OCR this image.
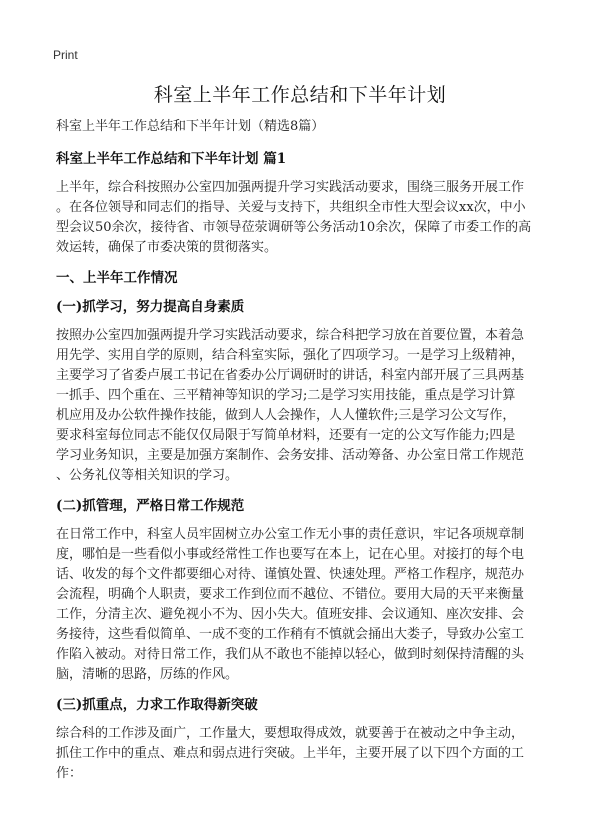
Print
科室上半年工作总结和下半年计划

科室上半年工作总结和下半年计划（精选8篇）

科室上半年工作总结和下半年计划 篇1
上半年，综合科按照办公室四加强两提升学习实践活动要求，围绕三服务开展工作
。在各位领导和同志们的指导、关爱与支持下，共组织全市性大型会议xx次，中小
型会议50余次，接待省、市领导莅荥调研等公务活动10余次，保障了市委工作的高
效运转，确保了市委决策的贯彻落实。
一、上半年工作情况
(一)抓学习，努力提高自身素质
按照办公室四加强两提升学习实践活动要求，综合科把学习放在首要位置，本着急
用先学、实用自学的原则，结合科室实际，强化了四项学习。一是学习上级精神，
主要学习了省委卢展工书记在省委办公厅调研时的讲话，科室内部开展了三具两基
一抓手、四个重在、三平精神等知识的学习;二是学习实用技能，重点是学习计算
机应用及办公软件操作技能，做到人人会操作，人人懂软件;三是学习公文写作，
要求科室每位同志不能仅仅局限于写简单材料，还要有一定的公文写作能力;四是
学习业务知识，主要是加强方案制作、会务安排、活动筹备、办公室日常工作规范
、公务礼仪等相关知识的学习。
(二)抓管理，严格日常工作规范
在日常工作中，科室人员牢固树立办公室工作无小事的责任意识，牢记各项规章制
度，哪怕是一些看似小事或经常性工作也要写在本上，记在心里。对接打的每个电
话、收发的每个文件都要细心对待、谨慎处置、快速处理。严格工作程序，规范办
会流程，明确个人职责，要求工作到位而不越位、不错位。要用大局的天平来衡量
工作，分清主次、避免视小不为、因小失大。值班安排、会议通知、座次安排、会
务接待，这些看似简单、一成不变的工作稍有不慎就会捅出大娄子，导致办公室工
作陷入被动。对待日常工作，我们从不敢也不能掉以轻心，做到时刻保持清醒的头
脑，清晰的思路，厉练的作风。
(三)抓重点，力求工作取得新突破
综合科的工作涉及面广，工作量大，要想取得成效，就要善于在被动之中争主动，
抓住工作中的重点、难点和弱点进行突破。上半年，主要开展了以下四个方面的工
作：
